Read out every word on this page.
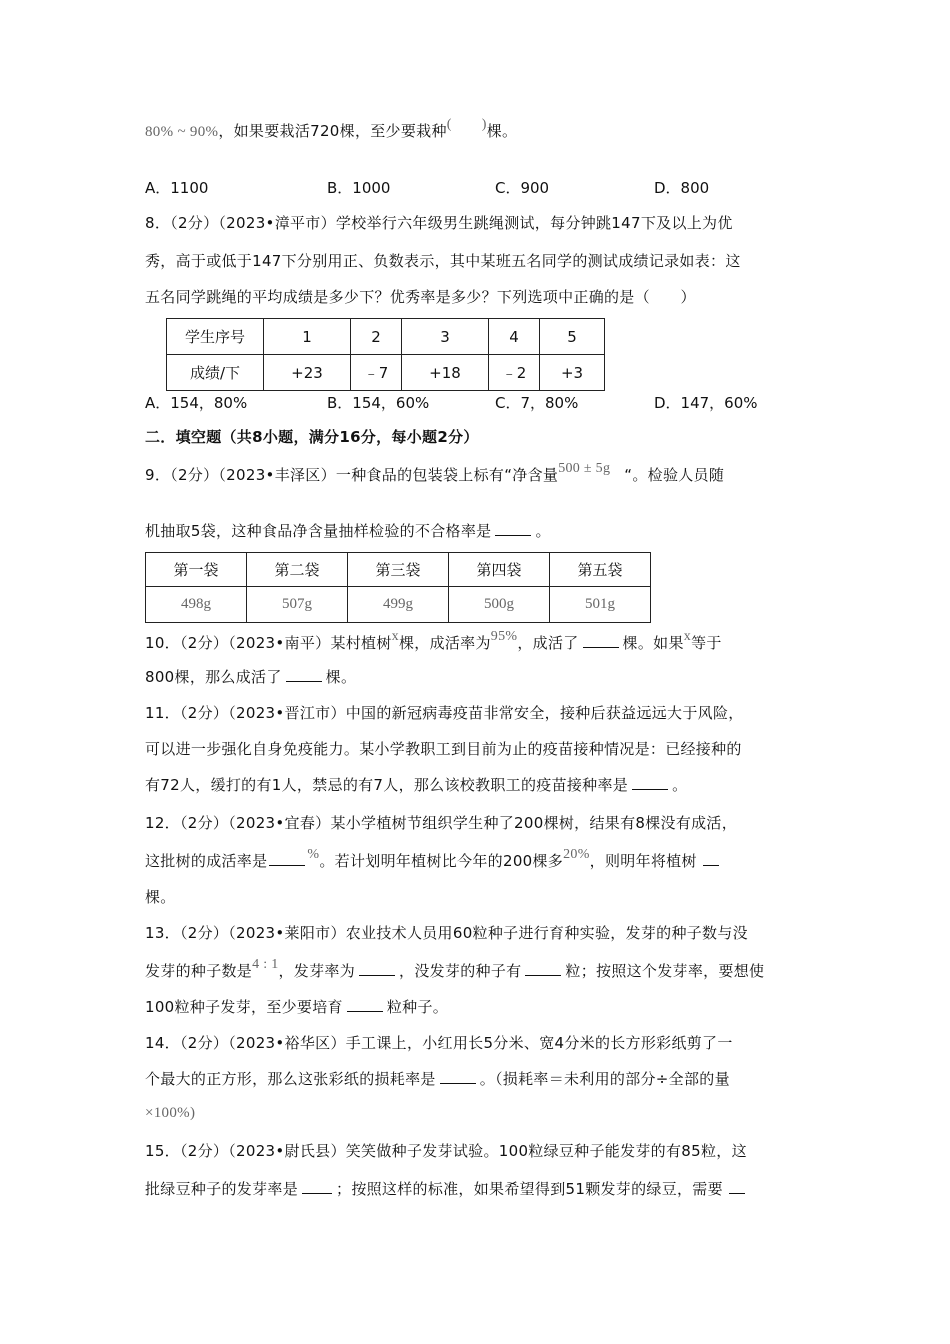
80% ~ 90%，如果要栽活720棵，至少要栽种( )棵。
A．1100	B．1000	C．900	D．800
8．（2分）（2023•漳平市）学校举行六年级男生跳绳测试，每分钟跳147下及以上为优
秀，高于或低于147下分别用正、负数表示，其中某班五名同学的测试成绩记录如表：这
五名同学跳绳的平均成绩是多少下？优秀率是多少？下列选项中正确的是（　　）
学生序号	1	2	3	4	5
成绩/下	+23	﹣7	+18	﹣2	+3
A．154，80%	B．154，60%	C．7，80%	D．147，60%
二．填空题（共8小题，满分16分，每小题2分）
9．（2分）（2023•丰泽区）一种食品的包装袋上标有“净含量500 ± 5g “。检验人员随
机抽取5袋，这种食品净含量抽样检验的不合格率是	。
第一袋	第二袋	第三袋	第四袋	第五袋
498g	507g	499g	500g	501g
10．（2分）（2023•南平）某村植树x棵，成活率为95%，成活了	棵。如果x等于
800棵，那么成活了	棵。
11．（2分）（2023•晋江市）中国的新冠病毒疫苗非常安全，接种后获益远远大于风险，
可以进一步强化自身免疫能力。某小学教职工到目前为止的疫苗接种情况是：已经接种的
有72人，缓打的有1人，禁忌的有7人，那么该校教职工的疫苗接种率是	。
12．（2分）（2023•宜春）某小学植树节组织学生种了200棵树，结果有8棵没有成活，
这批树的成活率是	%。若计划明年植树比今年的200棵多20%，则明年将植树
棵。
13．（2分）（2023•莱阳市）农业技术人员用60粒种子进行育种实验，发芽的种子数与没
发芽的种子数是4 : 1，发芽率为	，没发芽的种子有	粒；按照这个发芽率，要想使
100粒种子发芽，至少要培育	粒种子。
14．（2分）（2023•裕华区）手工课上，小红用长5分米、宽4分米的长方形彩纸剪了一
个最大的正方形，那么这张彩纸的损耗率是	。（损耗率＝未利用的部分÷全部的量
×100%)
15．（2分）（2023•尉氏县）笑笑做种子发芽试验。100粒绿豆种子能发芽的有85粒，这
批绿豆种子的发芽率是	；按照这样的标准，如果希望得到51颗发芽的绿豆，需要
